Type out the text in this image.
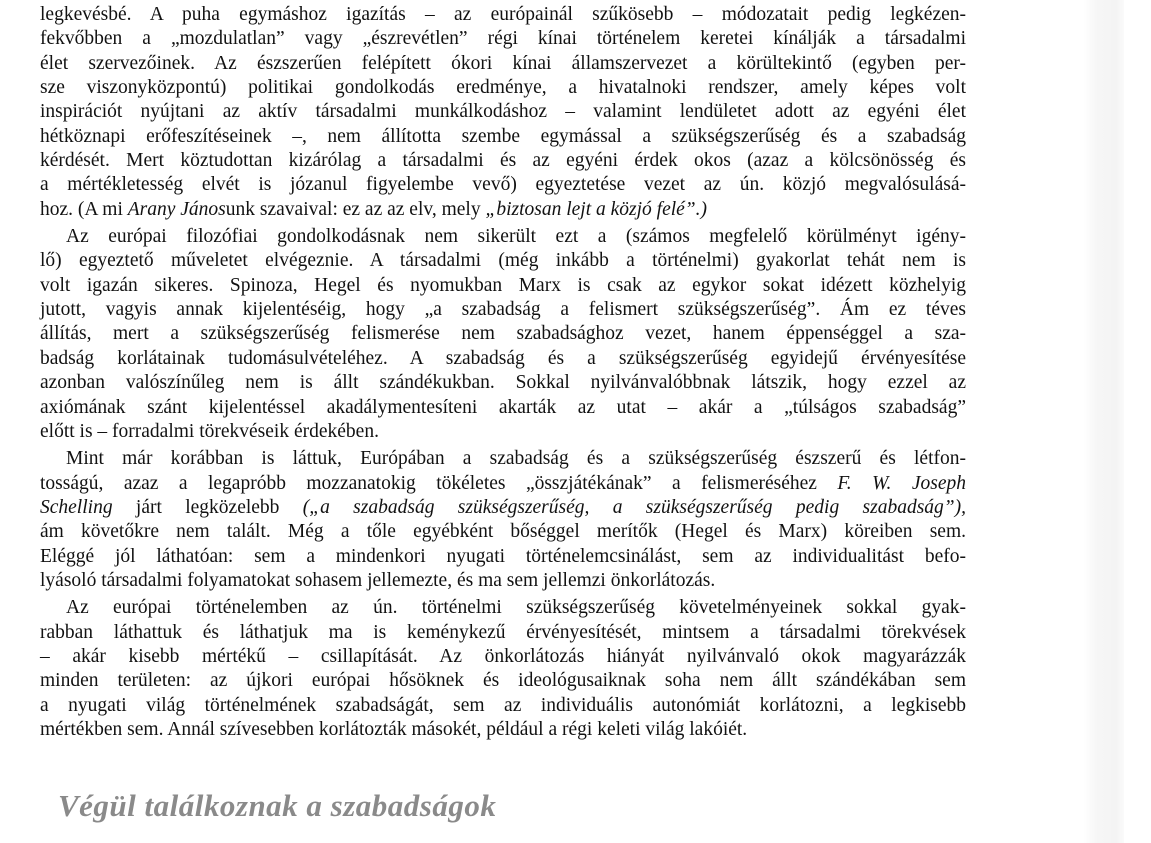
legkevésbé. A puha egymáshoz igazítás – az európainál szűkösebb – módozatait pedig legkézen-
fekvőbben a „mozdulatlan” vagy „észrevétlen” régi kínai történelem keretei kínálják a társadalmi
élet szervezőinek. Az észszerűen felépített ókori kínai államszervezet a körültekintő (egyben per-
sze viszonyközpontú) politikai gondolkodás eredménye, a hivatalnoki rendszer, amely képes volt
inspirációt nyújtani az aktív társadalmi munkálkodáshoz – valamint lendületet adott az egyéni élet
hétköznapi erőfeszítéseinek –, nem állította szembe egymással a szükségszerűség és a szabadság
kérdését. Mert köztudottan kizárólag a társadalmi és az egyéni érdek okos (azaz a kölcsönösség és
a mértékletesség elvét is józanul figyelembe vevő) egyeztetése vezet az ún. közjó megvalósulásá-
hoz. (A mi Arany Jánosunk szavaival: ez az az elv, mely „biztosan lejt a közjó felé”.)
Az európai filozófiai gondolkodásnak nem sikerült ezt a (számos megfelelő körülményt igény-
lő) egyeztető műveletet elvégeznie. A társadalmi (még inkább a történelmi) gyakorlat tehát nem is
volt igazán sikeres. Spinoza, Hegel és nyomukban Marx is csak az egykor sokat idézett közhelyig
jutott, vagyis annak kijelentéséig, hogy „a szabadság a felismert szükségszerűség”. Ám ez téves
állítás, mert a szükségszerűség felismerése nem szabadsághoz vezet, hanem éppenséggel a sza-
badság korlátainak tudomásulvételéhez. A szabadság és a szükségszerűség egyidejű érvényesítése
azonban valószínűleg nem is állt szándékukban. Sokkal nyilvánvalóbbnak látszik, hogy ezzel az
axiómának szánt kijelentéssel akadálymentesíteni akarták az utat – akár a „túlságos szabadság”
előtt is – forradalmi törekvéseik érdekében.
Mint már korábban is láttuk, Európában a szabadság és a szükségszerűség észszerű és létfon-
tosságú, azaz a legapróbb mozzanatokig tökéletes „összjátékának” a felismeréséhez F. W. Joseph
Schelling járt legközelebb („a szabadság szükségszerűség, a szükségszerűség pedig szabadság”),
ám követőkre nem talált. Még a tőle egyébként bőséggel merítők (Hegel és Marx) köreiben sem.
Eléggé jól láthatóan: sem a mindenkori nyugati történelemcsinálást, sem az individualitást befo-
lyásoló társadalmi folyamatokat sohasem jellemezte, és ma sem jellemzi önkorlátozás.
Az európai történelemben az ún. történelmi szükségszerűség követelményeinek sokkal gyak-
rabban láthattuk és láthatjuk ma is keménykezű érvényesítését, mintsem a társadalmi törekvések
– akár kisebb mértékű – csillapítását. Az önkorlátozás hiányát nyilvánvaló okok magyarázzák
minden területen: az újkori európai hősöknek és ideológusaiknak soha nem állt szándékában sem
a nyugati világ történelmének szabadságát, sem az individuális autonómiát korlátozni, a legkisebb
mértékben sem. Annál szívesebben korlátozták másokét, például a régi keleti világ lakóiét.
Végül találkoznak a szabadságok
